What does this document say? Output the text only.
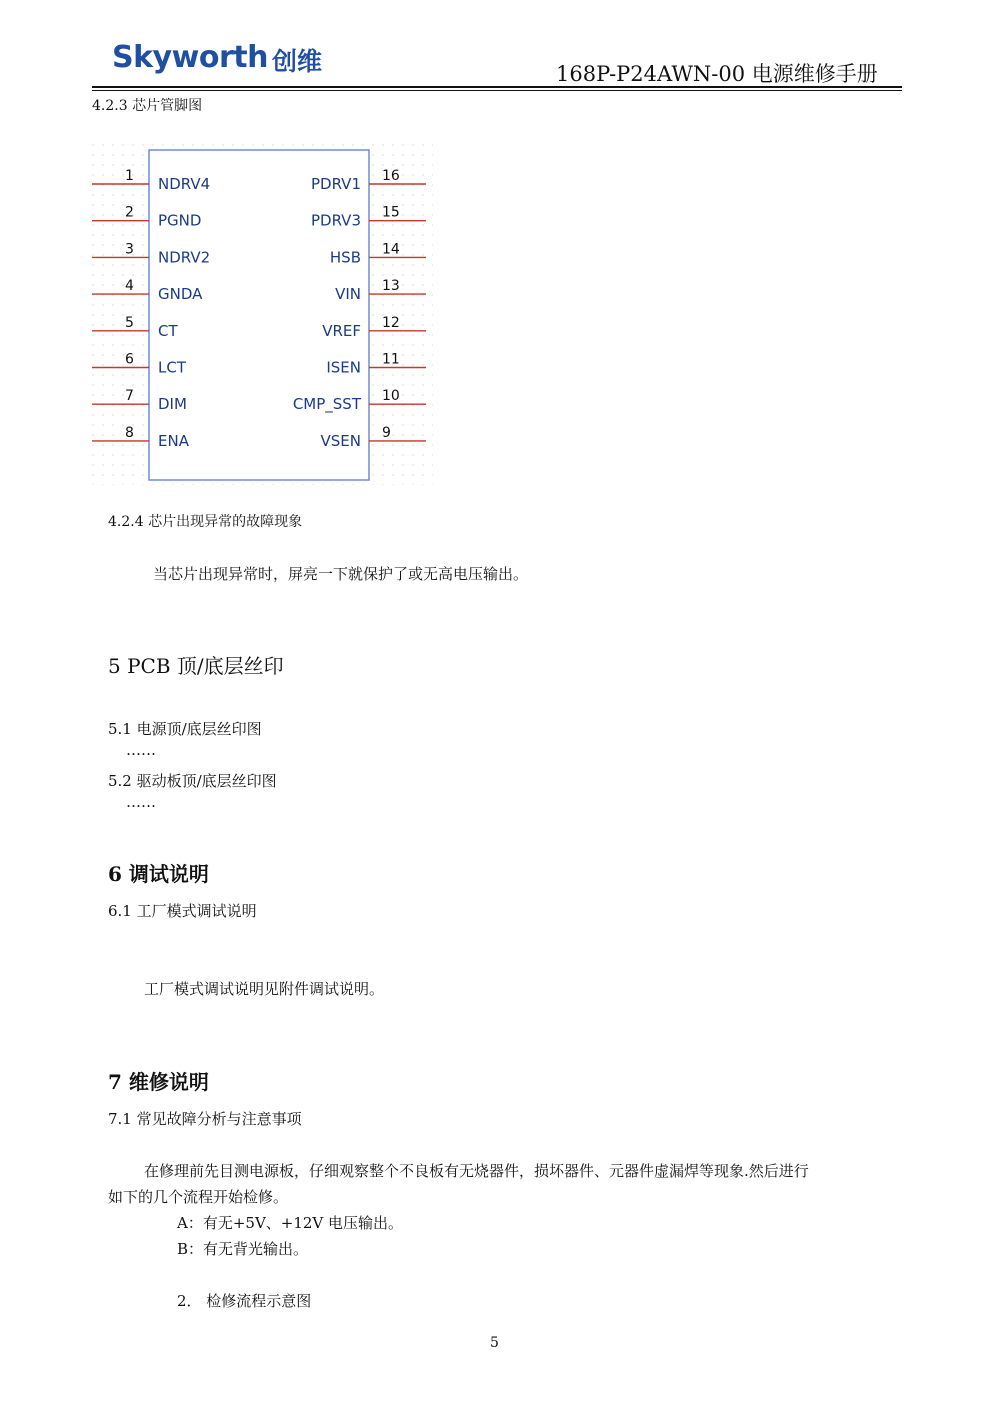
Skyworth 创维	168P-P24AWN-00 电源维修手册
4.2.3 芯片管脚图
1 NDRV4
2 PGND
3 NDRV2
4 GNDA
5 CT
6 LCT
7 DIM
8 ENA
16
PDRV1
15
PDRV3
14
HSB
13
VIN
12
VREF
11
ISEN
10
CMP_SST
9
VSEN
4.2.4 芯片出现异常的故障现象
当芯片出现异常时，屏亮一下就保护了或无高电压输出。
5 PCB 顶/底层丝印
5.1 电源顶/底层丝印图
……
5.2 驱动板顶/底层丝印图
……
6 调试说明
6.1 工厂模式调试说明
工厂模式调试说明见附件调试说明。
7 维修说明
7.1 常见故障分析与注意事项
在修理前先目测电源板，仔细观察整个不良板有无烧器件，损坏器件、元器件虚漏焊等现象.然后进行
如下的几个流程开始检修。
A：有无+5V、+12V 电压输出。
B：有无背光输出。
2． 检修流程示意图
5
